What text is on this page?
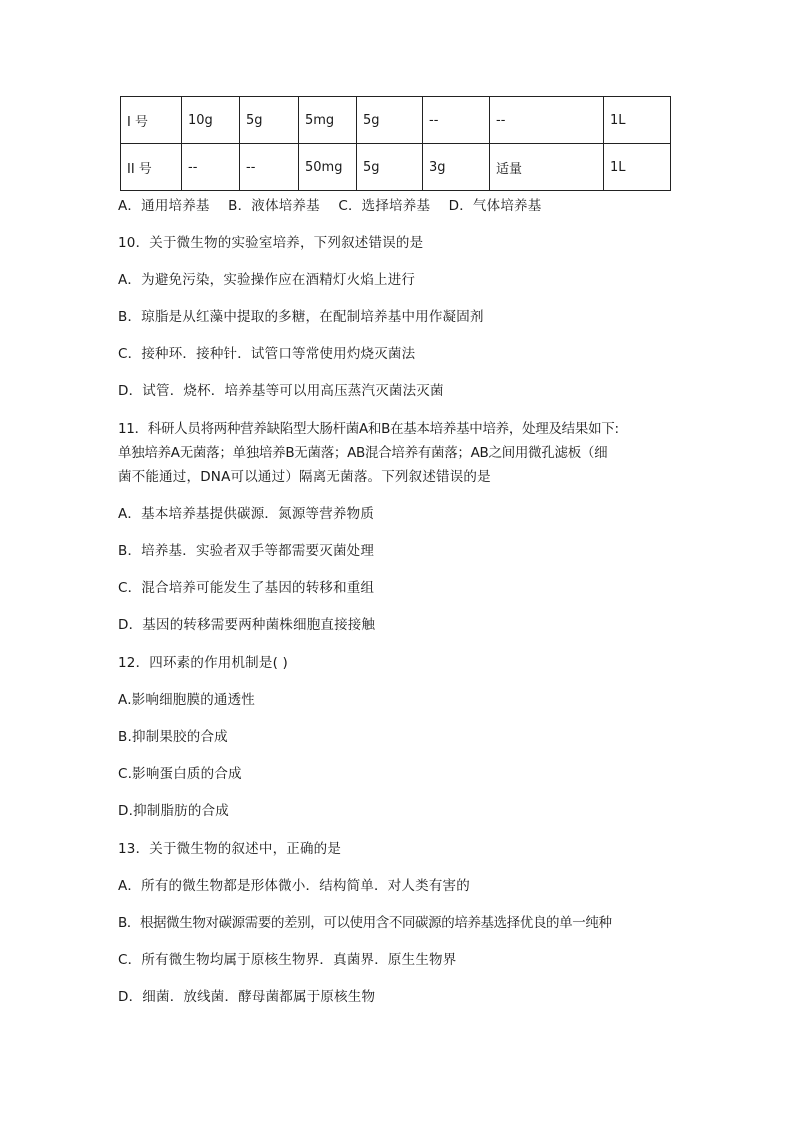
I 号	10g	5g	5mg	5g	--	--	1L
II 号	--	--	50mg	5g	3g	适量	1L
A．通用培养基 B．液体培养基 C．选择培养基 D．气体培养基
10．关于微生物的实验室培养，下列叙述错误的是
A．为避免污染，实验操作应在酒精灯火焰上进行
B．琼脂是从红藻中提取的多糖，在配制培养基中用作凝固剂
C．接种环．接种针．试管口等常使用灼烧灭菌法
D．试管．烧杯．培养基等可以用高压蒸汽灭菌法灭菌
11．科研人员将两种营养缺陷型大肠杆菌A和B在基本培养基中培养，处理及结果如下:
单独培养A无菌落；单独培养B无菌落；AB混合培养有菌落；AB之间用微孔滤板（细
菌不能通过，DNA可以通过）隔离无菌落。下列叙述错误的是
A．基本培养基提供碳源．氮源等营养物质
B．培养基．实验者双手等都需要灭菌处理
C．混合培养可能发生了基因的转移和重组
D．基因的转移需要两种菌株细胞直接接触
12．四环素的作用机制是( )
A.影响细胞膜的通透性
B.抑制果胶的合成
C.影响蛋白质的合成
D.抑制脂肪的合成
13．关于微生物的叙述中，正确的是
A．所有的微生物都是形体微小．结构简单．对人类有害的
B．根据微生物对碳源需要的差别，可以使用含不同碳源的培养基选择优良的单一纯种
C．所有微生物均属于原核生物界．真菌界．原生生物界
D．细菌．放线菌．酵母菌都属于原核生物
